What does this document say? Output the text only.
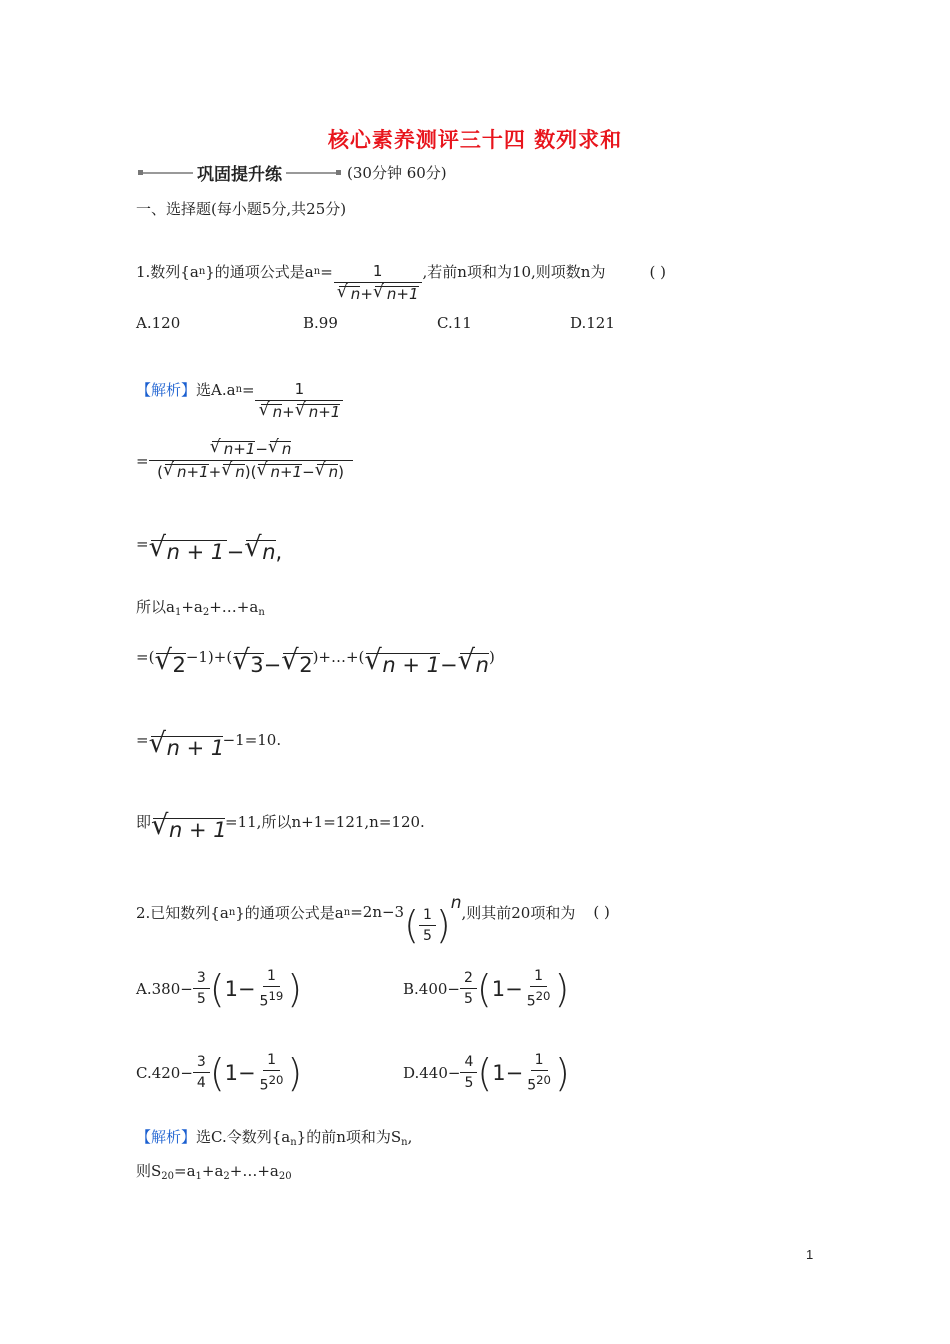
核心素养测评三十四 数列求和
巩固提升练	(30分钟 60分)
一、选择题(每小题5分,共25分)
1.数列{a n }的通项公式是a n = 1
√ n+ √ n+1 ,若前n项和为10,则项数n为	( )
A.120	B.99	C.11	D.121
【解析】 选A.a n = 1
√ n+ √ n+1
= √ $\frac{n+1- √ n}{( √ n+1+ √ n)( √ n+1- √ n)}$
= √ n + 1 − √ n,
所以$a_1+a_2+\dots+a_n$
=( √ 2−1)+( √ 3− √ 2)+…+( √ n + 1− √ n)
= √ n + 1−1=10.
即 √ n + 1=11,所以n+1=121,n=120.
2.已知数列{a n }的通项公式是a n =2n−3 ( $\frac{1}{5}$ ) n ,则其前20项和为 ( )
$A.380- \frac{3}{5}$ ( $1- \frac{1}{5^{19}}$ )	$B.400- \frac{2}{5}$ ( $1- \frac{1}{5^{20}}$ )
$C.420- \frac{3}{4}$ ( $1- \frac{1}{5^{20}}$ )	$D.440- \frac{4}{5}$ ( $1- \frac{1}{5^{20}}$ )
【解析】选C.令数列$\{a_n\}$的前n项和为$S_n$,
则$S_{20}=a_1+a_2+\dots+a_{20}$
1
